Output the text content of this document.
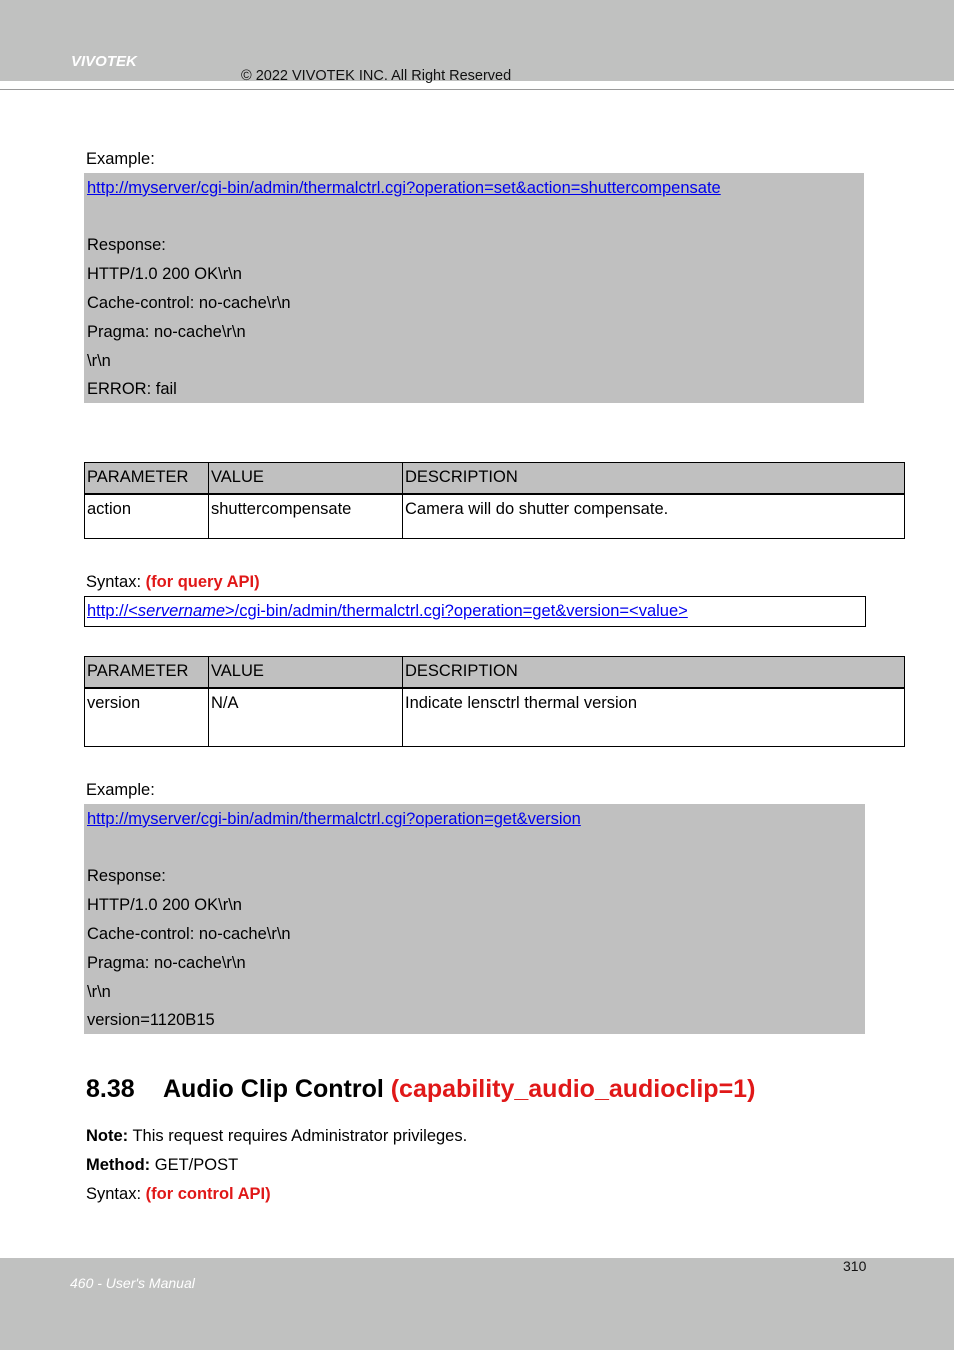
VIVOTEK
© 2022 VIVOTEK INC. All Right Reserved
Example:
http://myserver/cgi-bin/admin/thermalctrl.cgi?operation=set&action=shuttercompensate
Response:
HTTP/1.0 200 OK\r\n
Cache-control: no-cache\r\n
Pragma: no-cache\r\n
\r\n
ERROR: fail
PARAMETER	VALUE	DESCRIPTION
action	shuttercompensate	Camera will do shutter compensate.
Syntax: (for query API)
http://<servername>/cgi-bin/admin/thermalctrl.cgi?operation=get&version=<value>
PARAMETER	VALUE	DESCRIPTION
version	N/A	Indicate lensctrl thermal version
Example:
http://myserver/cgi-bin/admin/thermalctrl.cgi?operation=get&version
Response:
HTTP/1.0 200 OK\r\n
Cache-control: no-cache\r\n
Pragma: no-cache\r\n
\r\n
version=1120B15
8.38 Audio Clip Control (capability_audio_audioclip=1)
Note: This request requires Administrator privileges.
Method: GET/POST
Syntax: (for control API)
310
460 - User's Manual
